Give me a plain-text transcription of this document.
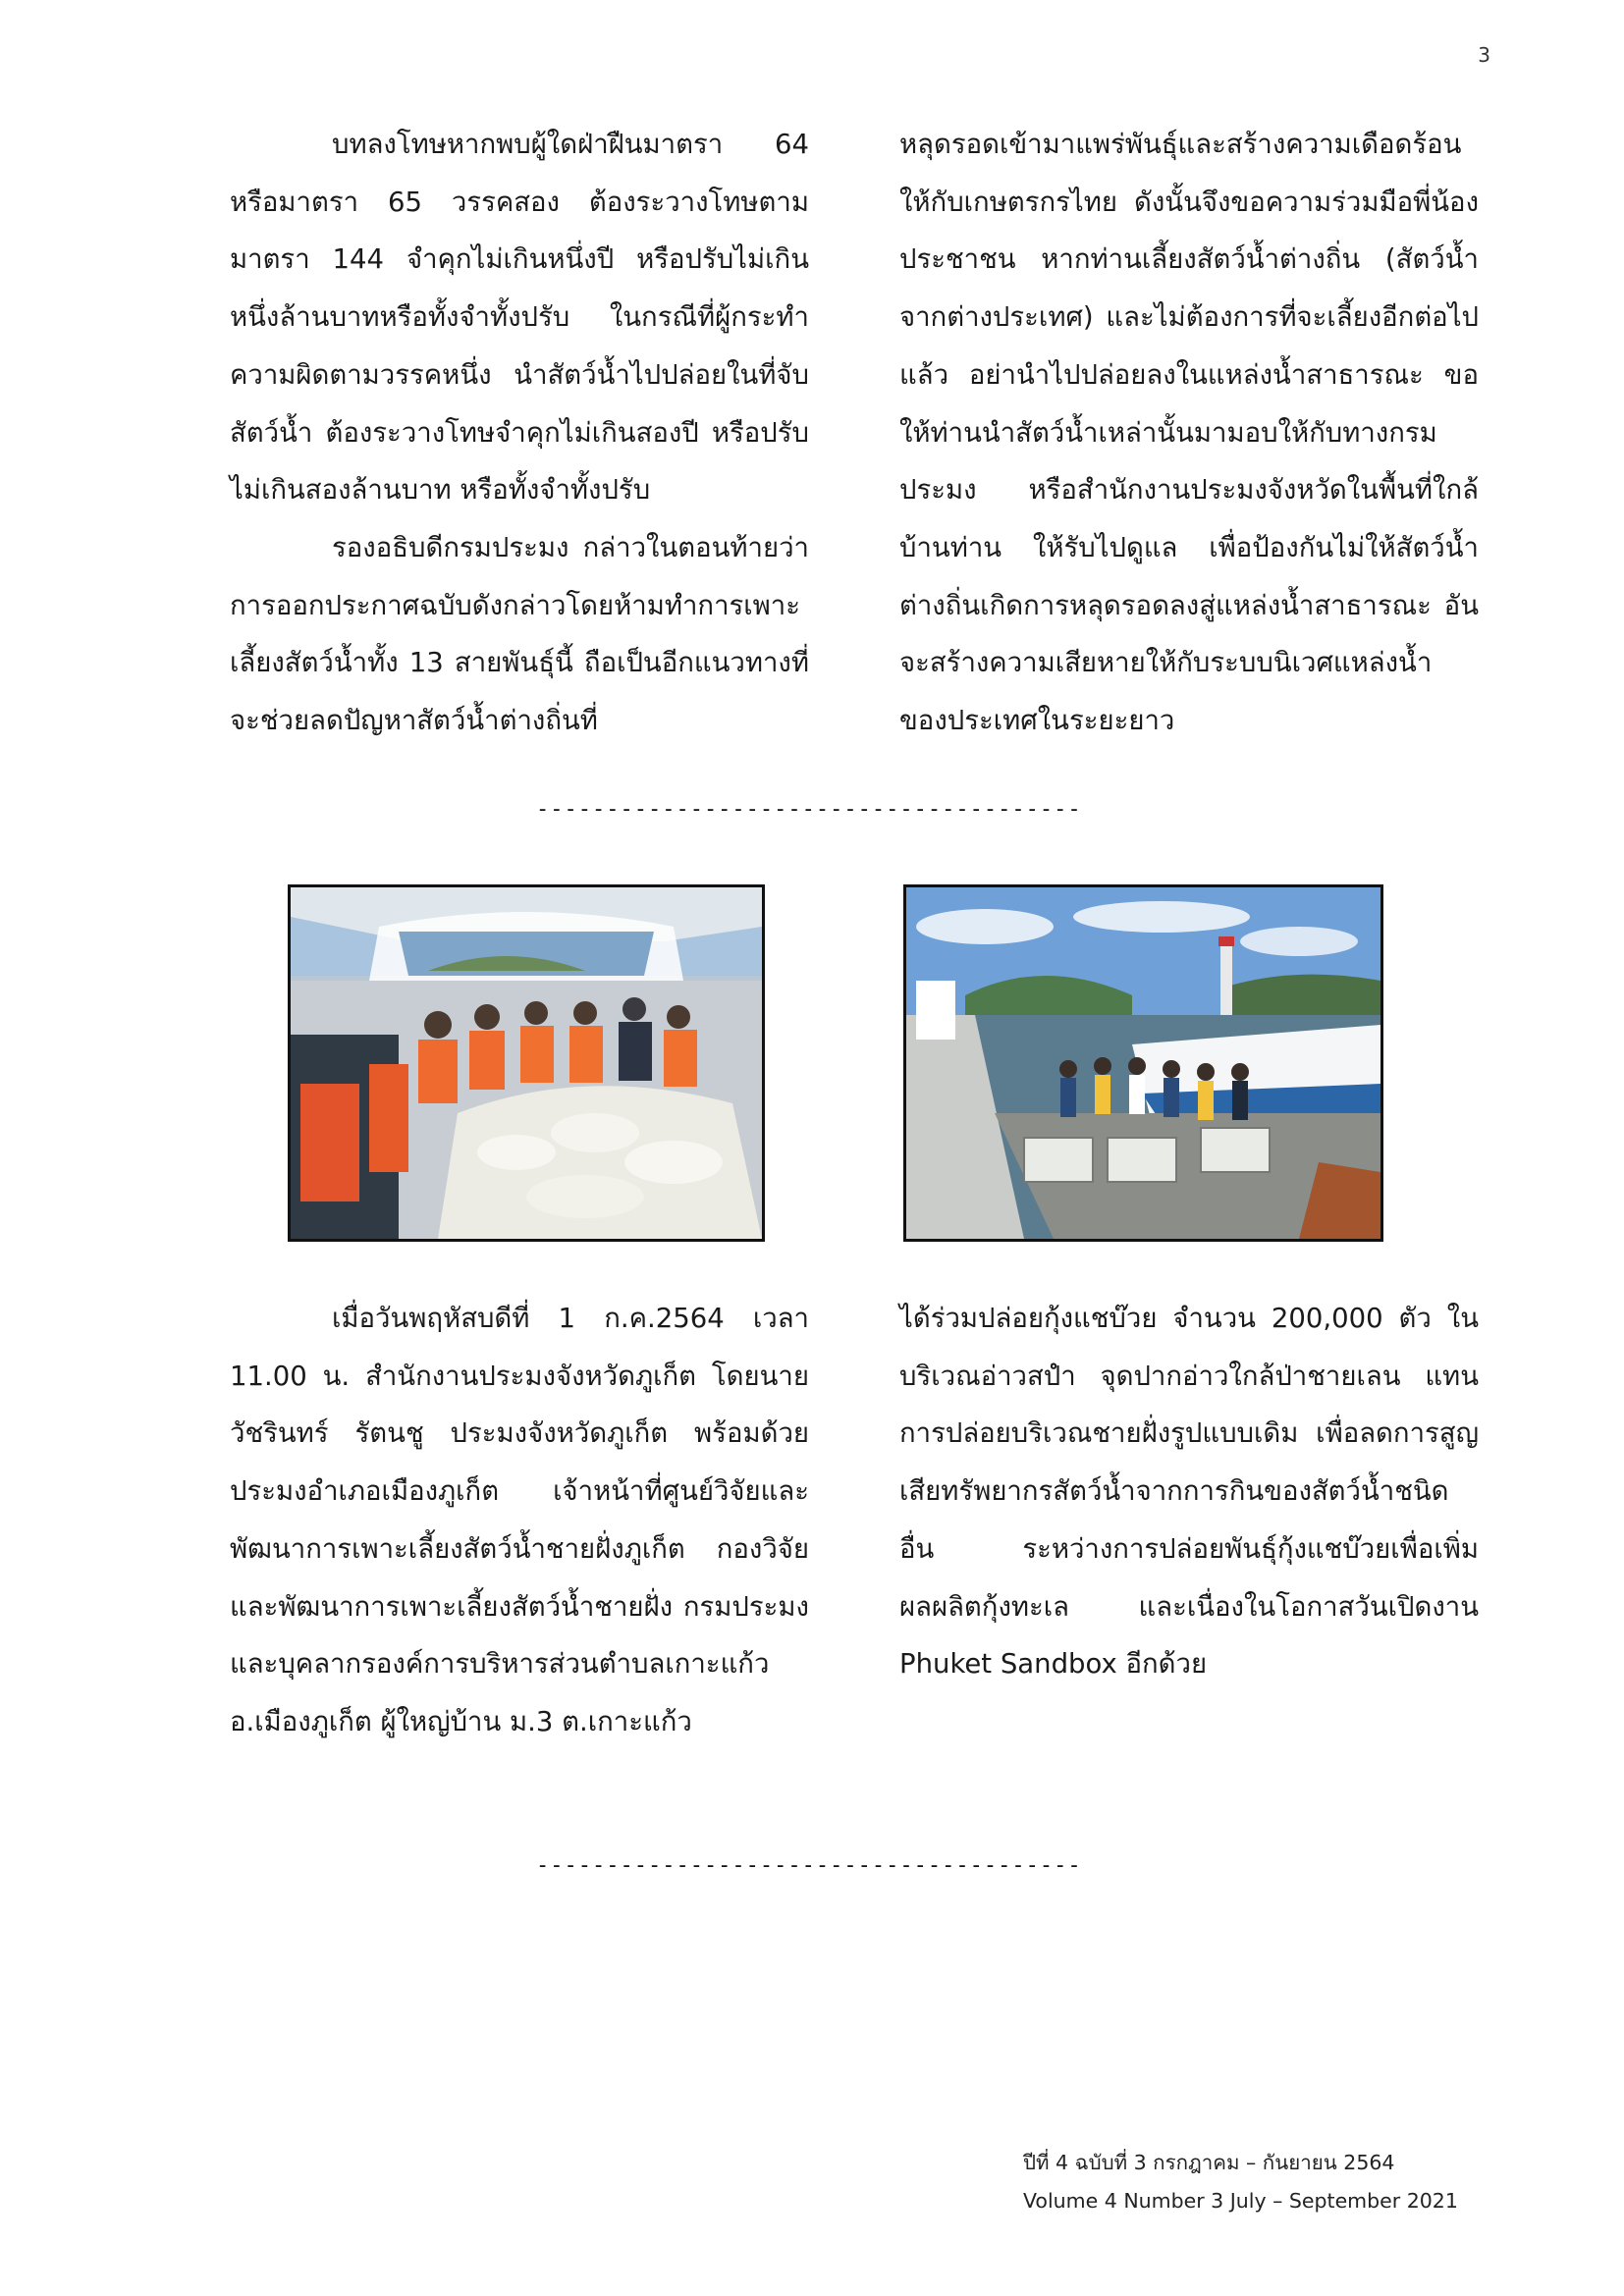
3

บทลงโทษหากพบผู้ใดฝ่าฝืนมาตรา 64 หรือมาตรา 65 วรรคสอง ต้องระวางโทษตามมาตรา 144 จำคุกไม่เกินหนึ่งปี หรือปรับไม่เกินหนึ่งล้านบาทหรือทั้งจำทั้งปรับ ในกรณีที่ผู้กระทำความผิดตามวรรคหนึ่ง นำสัตว์น้ำไปปล่อยในที่จับสัตว์น้ำ ต้องระวางโทษจำคุกไม่เกินสองปี หรือปรับไม่เกินสองล้านบาท หรือทั้งจำทั้งปรับ

รองอธิบดีกรมประมง กล่าวในตอนท้ายว่า การออกประกาศฉบับดังกล่าวโดยห้ามทำการเพาะเลี้ยงสัตว์น้ำทั้ง 13 สายพันธุ์นี้ ถือเป็นอีกแนวทางที่จะช่วยลดปัญหาสัตว์น้ำต่างถิ่นที่

หลุดรอดเข้ามาแพร่พันธุ์และสร้างความเดือดร้อนให้กับเกษตรกรไทย ดังนั้นจึงขอความร่วมมือพี่น้องประชาชน หากท่านเลี้ยงสัตว์น้ำต่างถิ่น (สัตว์น้ำจากต่างประเทศ) และไม่ต้องการที่จะเลี้ยงอีกต่อไปแล้ว อย่านำไปปล่อยลงในแหล่งน้ำสาธารณะ ขอให้ท่านนำสัตว์น้ำเหล่านั้นมามอบให้กับทางกรมประมง หรือสำนักงานประมงจังหวัดในพื้นที่ใกล้บ้านท่าน ให้รับไปดูแล เพื่อป้องกันไม่ให้สัตว์น้ำต่างถิ่นเกิดการหลุดรอดลงสู่แหล่งน้ำสาธารณะ อันจะสร้างความเสียหายให้กับระบบนิเวศแหล่งน้ำของประเทศในระยะยาว

---------------------------------------

เมื่อวันพฤหัสบดีที่ 1 ก.ค.2564 เวลา 11.00 น. สำนักงานประมงจังหวัดภูเก็ต โดยนายวัชรินทร์ รัตนชู ประมงจังหวัดภูเก็ต พร้อมด้วยประมงอำเภอเมืองภูเก็ต เจ้าหน้าที่ศูนย์วิจัยและพัฒนาการเพาะเลี้ยงสัตว์น้ำชายฝั่งภูเก็ต กองวิจัยและพัฒนาการเพาะเลี้ยงสัตว์น้ำชายฝั่ง กรมประมง และบุคลากรองค์การบริหารส่วนตำบลเกาะแก้ว อ.เมืองภูเก็ต ผู้ใหญ่บ้าน ม.3 ต.เกาะแก้ว

ได้ร่วมปล่อยกุ้งแชบ๊วย จำนวน 200,000 ตัว ในบริเวณอ่าวสปำ จุดปากอ่าวใกล้ป่าชายเลน แทนการปล่อยบริเวณชายฝั่งรูปแบบเดิม เพื่อลดการสูญเสียทรัพยากรสัตว์น้ำจากการกินของสัตว์น้ำชนิดอื่น ระหว่างการปล่อยพันธุ์กุ้งแชบ๊วยเพื่อเพิ่มผลผลิตกุ้งทะเล และเนื่องในโอกาสวันเปิดงาน Phuket Sandbox อีกด้วย

---------------------------------------
ปีที่ 4 ฉบับที่ 3 กรกฎาคม – กันยายน 2564
Volume 4 Number 3 July – September 2021
